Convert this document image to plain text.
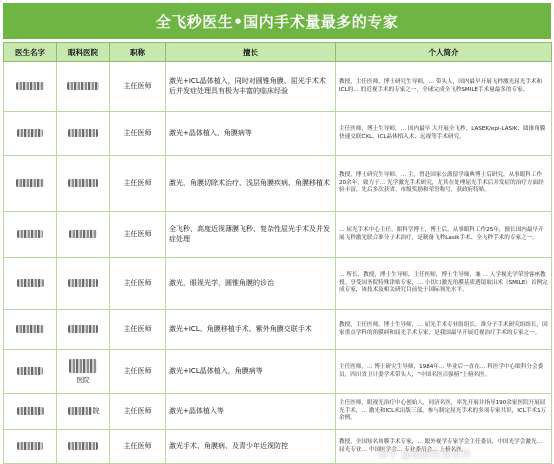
全飞秒医生•国内手术量最多的专家
医生名字	眼科医院	职称	擅长	个人简介
		主任医师	激光+ICL晶体植入，同时对圆锥角膜、屈光手术术后并发症处理具有极为丰富的临床经验	教授，主任医师，博士研究生导师，… 带头人，国内最早开展飞秒激光屈光手术和ICL的… 的近视手术的专家之一，全球完成全飞秒SMILE手术量最多的专家。
		主任医师	激光+晶体植入、角膜病等	主任医师，博士生导师，… 国内最早 大开展全飞秒、LASEK/epi-LASIK、圆锥角膜快速交联CXL、ICL晶体植入术、远视等手术研究。
		主任医师	激光，角膜切除术治疗、浅层角膜疾病、角膜移植术	教授，博士研究生导师，… 主，曾赴国家公派留学瑞典博士后研究，从事眼科工作20余年，致力于… 光学激光手术研究，尤其在处理屈光手术后并发症的治疗方面经验丰富，先后多次获省、市级奖励和荣誉称号，获政府特贴。
		主任医师	全飞秒、高度近视薄膜飞秒、复杂性屈光手术及并发症处理	… 屈光手术中心主任，眼科学博士，博士后。从事眼科工作25年，擅长国内最早开展飞秒激光联合准分子术治疗，是制备飞秒Lasik手术、全飞秒手术的专家之一。
		主任医师	激光，眼视光学，圆锥角膜的诊治	… 所长，教授，博士生导师，主任医师，博士生导师，兼 … 人学视光学荣誉客座教授。享受国务院特殊津贴专家，… 小切口激光角膜基质透镜取出术（SMILE）首例完成专家，该技术及相关研究目前处于国际领先水平。
		主任医师	激光+ICL、角膜移植手术、紫外角膜交联手术	教授，主任医师，博士生导师，… 屈光手术专业组组长，准分子手术研究组组长，国家重点学科的角膜病和屈光手术专家，是我国最早开展近视治疗手术的专家之一。

	医院	主任医师	激光+ICL晶体植入，角膜病等	主任医师，… 博士研究生导师，1984年… 毕业后一直在… 科医学中心眼科分会委员，四川省卫计委学术带头人，“中国名医百强榜”上榜名医。
	院	主任医师	激光+晶体植入等	主任医师，眼视光治疗中心创始人，同济名医，率先开展并指导190余家医院开展屈光手术，… 激光和ICL术出版三部，参与制定屈光手术的多项专家共识，ICL手术1万余例。
		主任医师	激光手术、角膜病、及青少年近视防控	教授，全国知名角膜手术专家，… 眼外视学专家学会主任委员，中国光学会激光… 屈光专业… 中国医学会… 专业委员会… 上榜名医。
知乎 @超胆侠看世界
